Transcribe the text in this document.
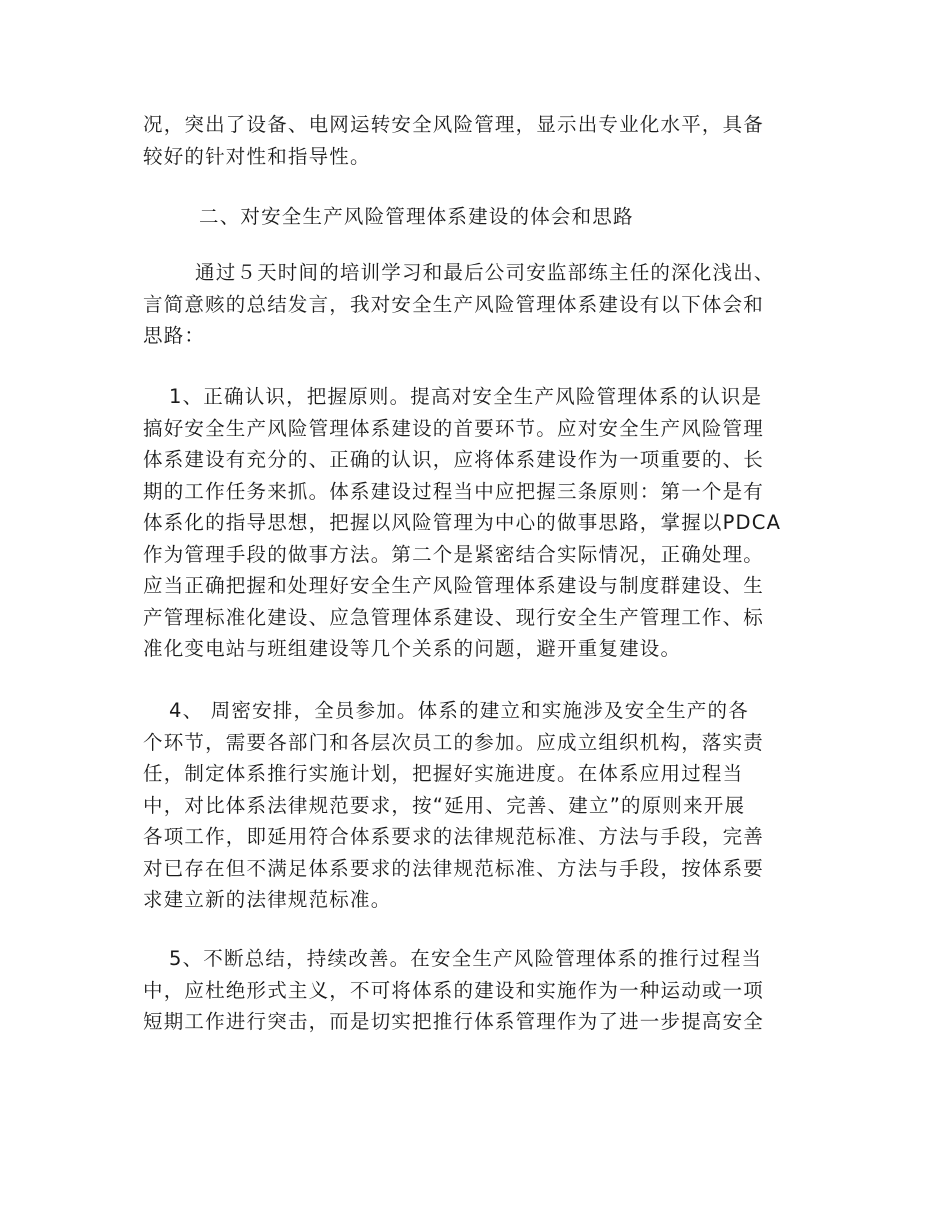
况，突出了设备、电网运转安全风险管理，显示出专业化水平，具备
较好的针对性和指导性。
二、对安全生产风险管理体系建设的体会和思路
通过５天时间的培训学习和最后公司安监部练主任的深化浅出、
言简意赅的总结发言，我对安全生产风险管理体系建设有以下体会和
思路：
1、正确认识，把握原则。提高对安全生产风险管理体系的认识是
搞好安全生产风险管理体系建设的首要环节。应对安全生产风险管理
体系建设有充分的、正确的认识，应将体系建设作为一项重要的、长
期的工作任务来抓。体系建设过程当中应把握三条原则：第一个是有
体系化的指导思想，把握以风险管理为中心的做事思路，掌握以PDCA
作为管理手段的做事方法。第二个是紧密结合实际情况，正确处理。
应当正确把握和处理好安全生产风险管理体系建设与制度群建设、生
产管理标准化建设、应急管理体系建设、现行安全生产管理工作、标
准化变电站与班组建设等几个关系的问题，避开重复建设。
4、 周密安排，全员参加。体系的建立和实施涉及安全生产的各
个环节，需要各部门和各层次员工的参加。应成立组织机构，落实责
任，制定体系推行实施计划，把握好实施进度。在体系应用过程当
中，对比体系法律规范要求，按“延用、完善、建立”的原则来开展
各项工作，即延用符合体系要求的法律规范标准、方法与手段，完善
对已存在但不满足体系要求的法律规范标准、方法与手段，按体系要
求建立新的法律规范标准。
5、不断总结，持续改善。在安全生产风险管理体系的推行过程当
中，应杜绝形式主义，不可将体系的建设和实施作为一种运动或一项
短期工作进行突击，而是切实把推行体系管理作为了进一步提高安全
